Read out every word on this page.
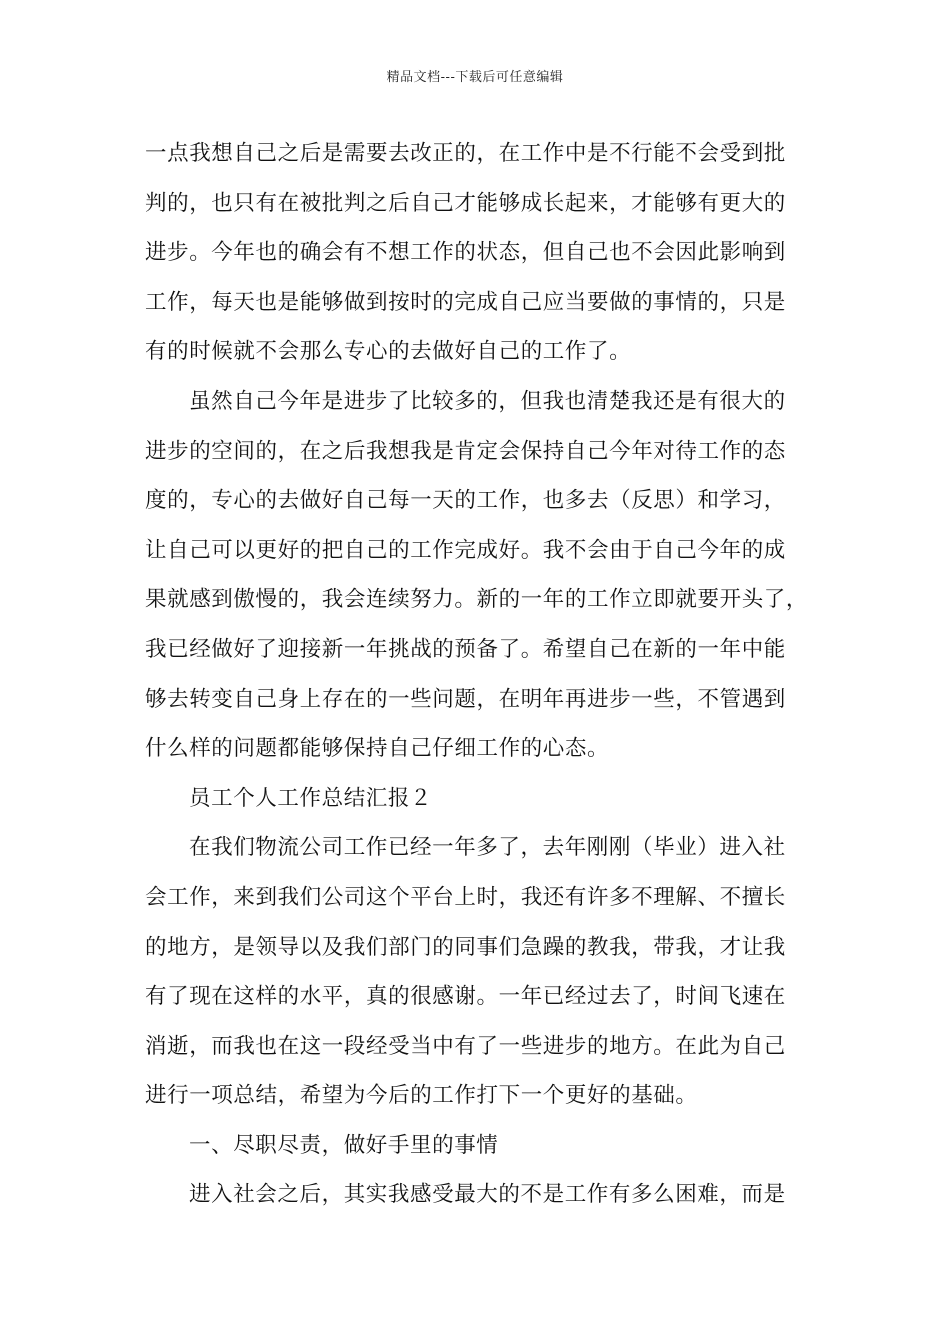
精品文档---下载后可任意编辑
一点我想自己之后是需要去改正的，在工作中是不行能不会受到批
判的，也只有在被批判之后自己才能够成长起来，才能够有更大的
进步。今年也的确会有不想工作的状态，但自己也不会因此影响到
工作，每天也是能够做到按时的完成自己应当要做的事情的，只是
有的时候就不会那么专心的去做好自己的工作了。
虽然自己今年是进步了比较多的，但我也清楚我还是有很大的
进步的空间的，在之后我想我是肯定会保持自己今年对待工作的态
度的，专心的去做好自己每一天的工作，也多去（反思）和学习，
让自己可以更好的把自己的工作完成好。我不会由于自己今年的成
果就感到傲慢的，我会连续努力。新的一年的工作立即就要开头了，
我已经做好了迎接新一年挑战的预备了。希望自己在新的一年中能
够去转变自己身上存在的一些问题，在明年再进步一些，不管遇到
什么样的问题都能够保持自己仔细工作的心态。
员工个人工作总结汇报２
在我们物流公司工作已经一年多了，去年刚刚（毕业）进入社
会工作，来到我们公司这个平台上时，我还有许多不理解、不擅长
的地方，是领导以及我们部门的同事们急躁的教我，带我，才让我
有了现在这样的水平，真的很感谢。一年已经过去了，时间飞速在
消逝，而我也在这一段经受当中有了一些进步的地方。在此为自己
进行一项总结，希望为今后的工作打下一个更好的基础。
一、尽职尽责，做好手里的事情
进入社会之后，其实我感受最大的不是工作有多么困难，而是
